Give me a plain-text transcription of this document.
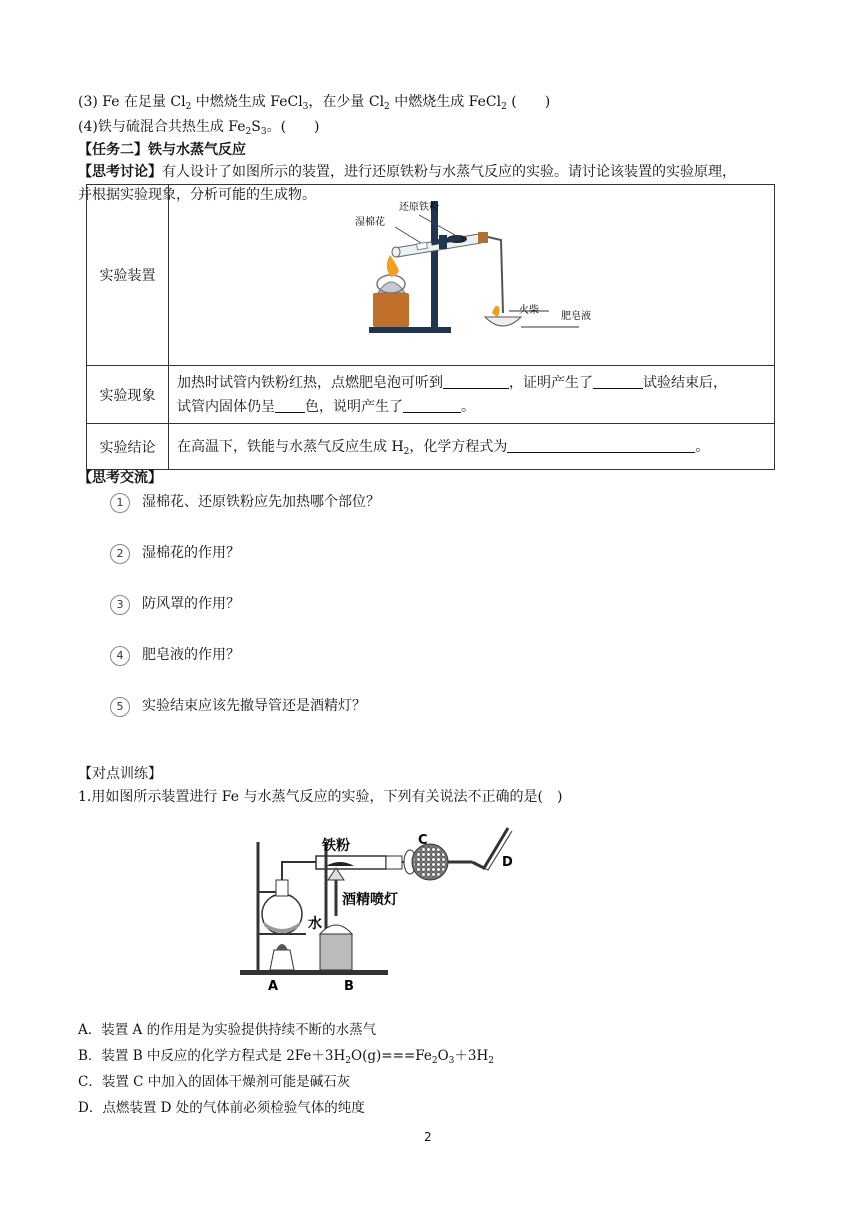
(3) Fe 在足量 $Cl_2$ 中燃烧生成 FeCl$_3$，在少量 $Cl_2$ 中燃烧生成 FeCl$_2$ (　　)
(4)铁与硫混合共热生成 $Fe_2S_3$。(　　)
【任务二】铁与水蒸气反应
【思考讨论】有人设计了如图所示的装置，进行还原铁粉与水蒸气反应的实验。请讨论该装置的实验原理，
并根据实验现象，分析可能的生成物。
实验装置	还原铁粉
湿棉花
火柴
肥皂液

实验现象	加热时试管内铁粉红热，点燃肥皂泡可听到 ，证明产生了 试验结束后，
试管内固体仍呈 色，说明产生了 。
实验结论	在高温下，铁能与水蒸气反应生成 $H_2$，化学方程式为 。
【思考交流】
1 湿棉花、还原铁粉应先加热哪个部位？
2 湿棉花的作用？
3 防风罩的作用？
4 肥皂液的作用？
5 实验结束应该先撤导管还是酒精灯？
【对点训练】
1.用如图所示装置进行 Fe 与水蒸气反应的实验，下列有关说法不正确的是(　)
铁粉
水
酒精喷灯
A	B
C
D
A．装置 A 的作用是为实验提供持续不断的水蒸气
B．装置 B 中反应的化学方程式是 $2Fe+3H_2O(g)===Fe_2O_3+3H_2$
C．装置 C 中加入的固体干燥剂可能是碱石灰
D．点燃装置 D 处的气体前必须检验气体的纯度
2
